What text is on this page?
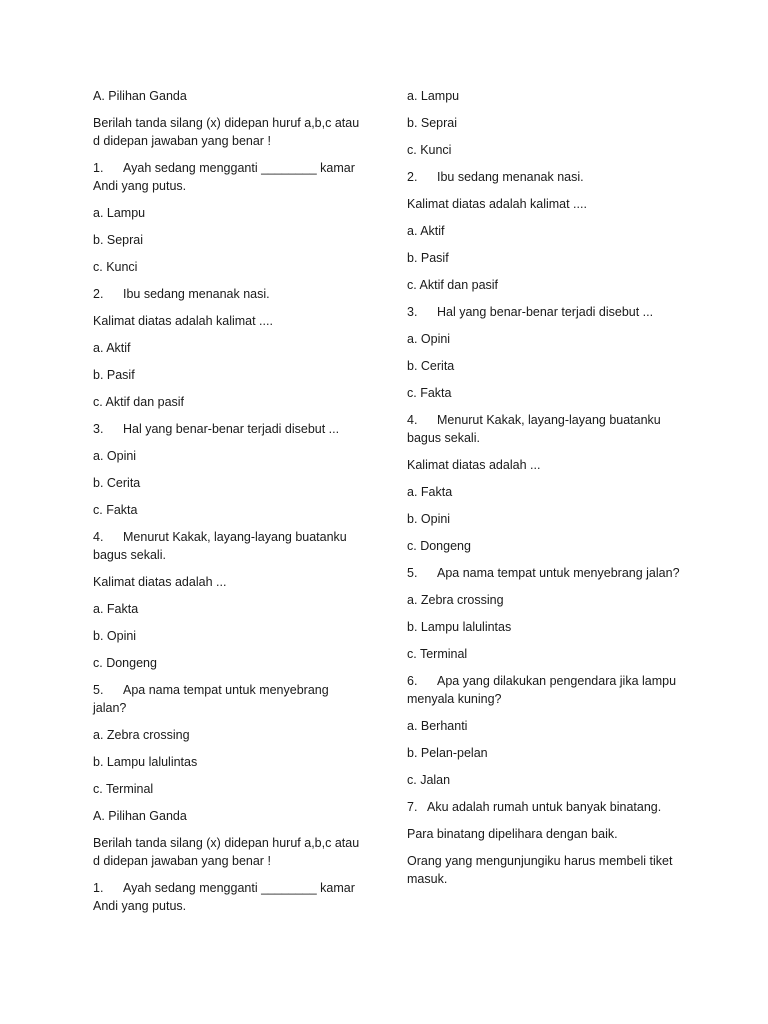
A. Pilihan Ganda

Berilah tanda silang (x) didepan huruf a,b,c atau d didepan jawaban yang benar !

1. Ayah sedang mengganti ________ kamar Andi yang putus.

a. Lampu

b. Seprai

c. Kunci

2. Ibu sedang menanak nasi.

Kalimat diatas adalah kalimat ....

a. Aktif

b. Pasif

c. Aktif dan pasif

3. Hal yang benar-benar terjadi disebut ...

a. Opini

b. Cerita

c. Fakta

4. Menurut Kakak, layang-layang buatanku bagus sekali.

Kalimat diatas adalah ...

a. Fakta

b. Opini

c. Dongeng

5. Apa nama tempat untuk menyebrang jalan?

a. Zebra crossing

b. Lampu lalulintas

c. Terminal

A. Pilihan Ganda

Berilah tanda silang (x) didepan huruf a,b,c atau d didepan jawaban yang benar !

1. Ayah sedang mengganti ________ kamar Andi yang putus.

a. Lampu

b. Seprai

c. Kunci

2. Ibu sedang menanak nasi.

Kalimat diatas adalah kalimat ....

a. Aktif

b. Pasif

c. Aktif dan pasif

3. Hal yang benar-benar terjadi disebut ...

a. Opini

b. Cerita

c. Fakta

4. Menurut Kakak, layang-layang buatanku bagus sekali.

Kalimat diatas adalah ...

a. Fakta

b. Opini

c. Dongeng

5. Apa nama tempat untuk menyebrang jalan?

a. Zebra crossing

b. Lampu lalulintas

c. Terminal

6. Apa yang dilakukan pengendara jika lampu menyala kuning?

a. Berhanti

b. Pelan-pelan

c. Jalan

7. Aku adalah rumah untuk banyak binatang.

Para binatang dipelihara dengan baik.

Orang yang mengunjungiku harus membeli tiket masuk.
